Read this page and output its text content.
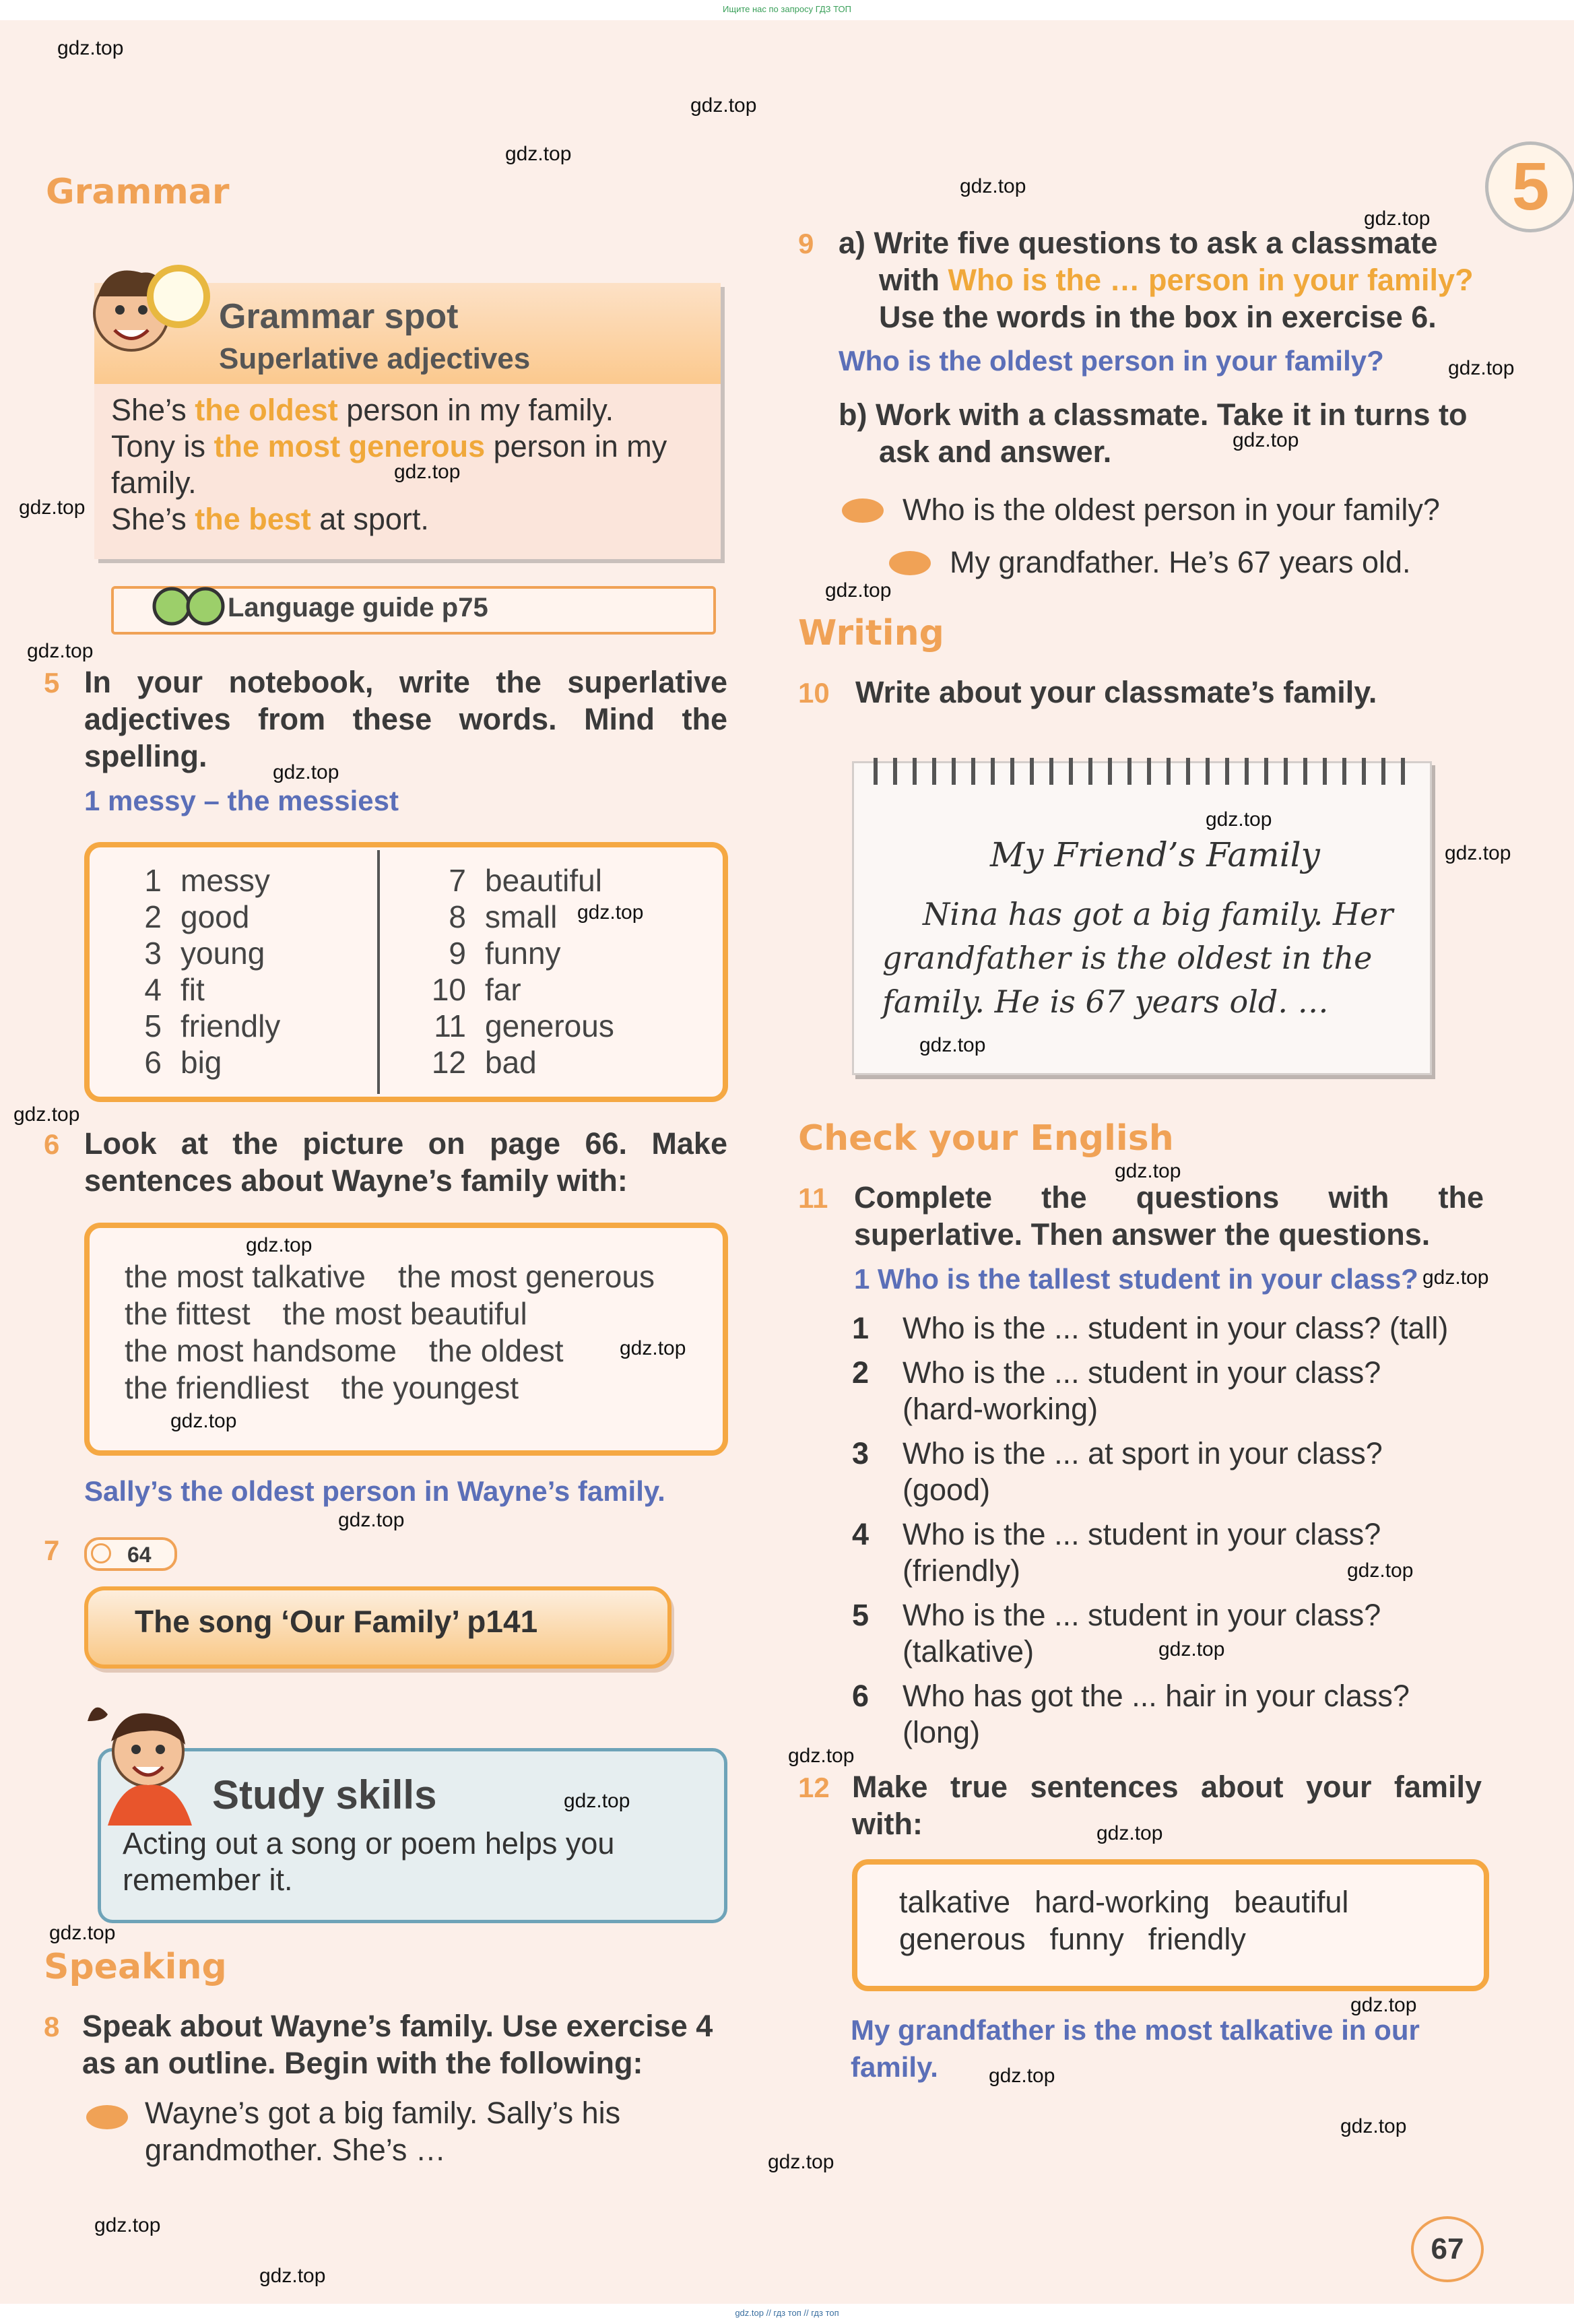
Ищите нас по запросу ГДЗ ТОП
5
Grammar
Grammar spot
Superlative adjectives
She’s the oldest person in my family.
Tony is the most generous person in my
family.
She’s the best at sport.
Language guide p75
5 In your notebook, write the superlative
adjectives from these words. Mind the
spelling.
1 messy – the messiest
1 messy
2 good
3 young
4 fit
5 friendly
6 big
7 beautiful
8 small
9 funny
10 far
11 generous
12 bad
6 Look at the picture on page 66. Make
sentences about Wayne’s family with:
the most talkative the most generous
the fittest the most beautiful
the most handsome the oldest
the friendliest the youngest
Sally’s the oldest person in Wayne’s family.
7	64
The song ‘Our Family’ p141
Study skills
Acting out a song or poem helps you
remember it.
Speaking
8 Speak about Wayne’s family. Use exercise 4
as an outline. Begin with the following:
Wayne’s got a big family. Sally’s his
grandmother. She’s …
9 a) Write five questions to ask a classmate
with Who is the … person in your family?
Use the words in the box in exercise 6.
Who is the oldest person in your family?
b) Work with a classmate. Take it in turns to
ask and answer.
Who is the oldest person in your family?
My grandfather. He’s 67 years old.
Writing
10 Write about your classmate’s family.
My Friend’s Family
Nina has got a big family. Her
grandfather is the oldest in the
family. He is 67 years old. …
Check your English
11 Complete the questions with the
superlative. Then answer the questions.
1 Who is the tallest student in your class?
1 Who is the ... student in your class? (tall)
2 Who is the ... student in your class?
(hard-working)
3 Who is the ... at sport in your class?
(good)
4 Who is the ... student in your class?
(friendly)
5 Who is the ... student in your class?
(talkative)
6 Who has got the ... hair in your class?
(long)
12 Make true sentences about your family
with:
talkative hard-working beautiful
generous funny friendly
My grandfather is the most talkative in our
family.
67
gdz.top
gdz.top
gdz.top
gdz.top
gdz.top
gdz.top
gdz.top
gdz.top
gdz.top
gdz.top
gdz.top
gdz.top
gdz.top
gdz.top
gdz.top
gdz.top
gdz.top
gdz.top
gdz.top
gdz.top
gdz.top
gdz.top
gdz.top
gdz.top
gdz.top
gdz.top
gdz.top
gdz.top
gdz.top
gdz.top
gdz.top
gdz.top
gdz.top
gdz.top
gdz.top
gdz.top // гдз топ // гдз топ
